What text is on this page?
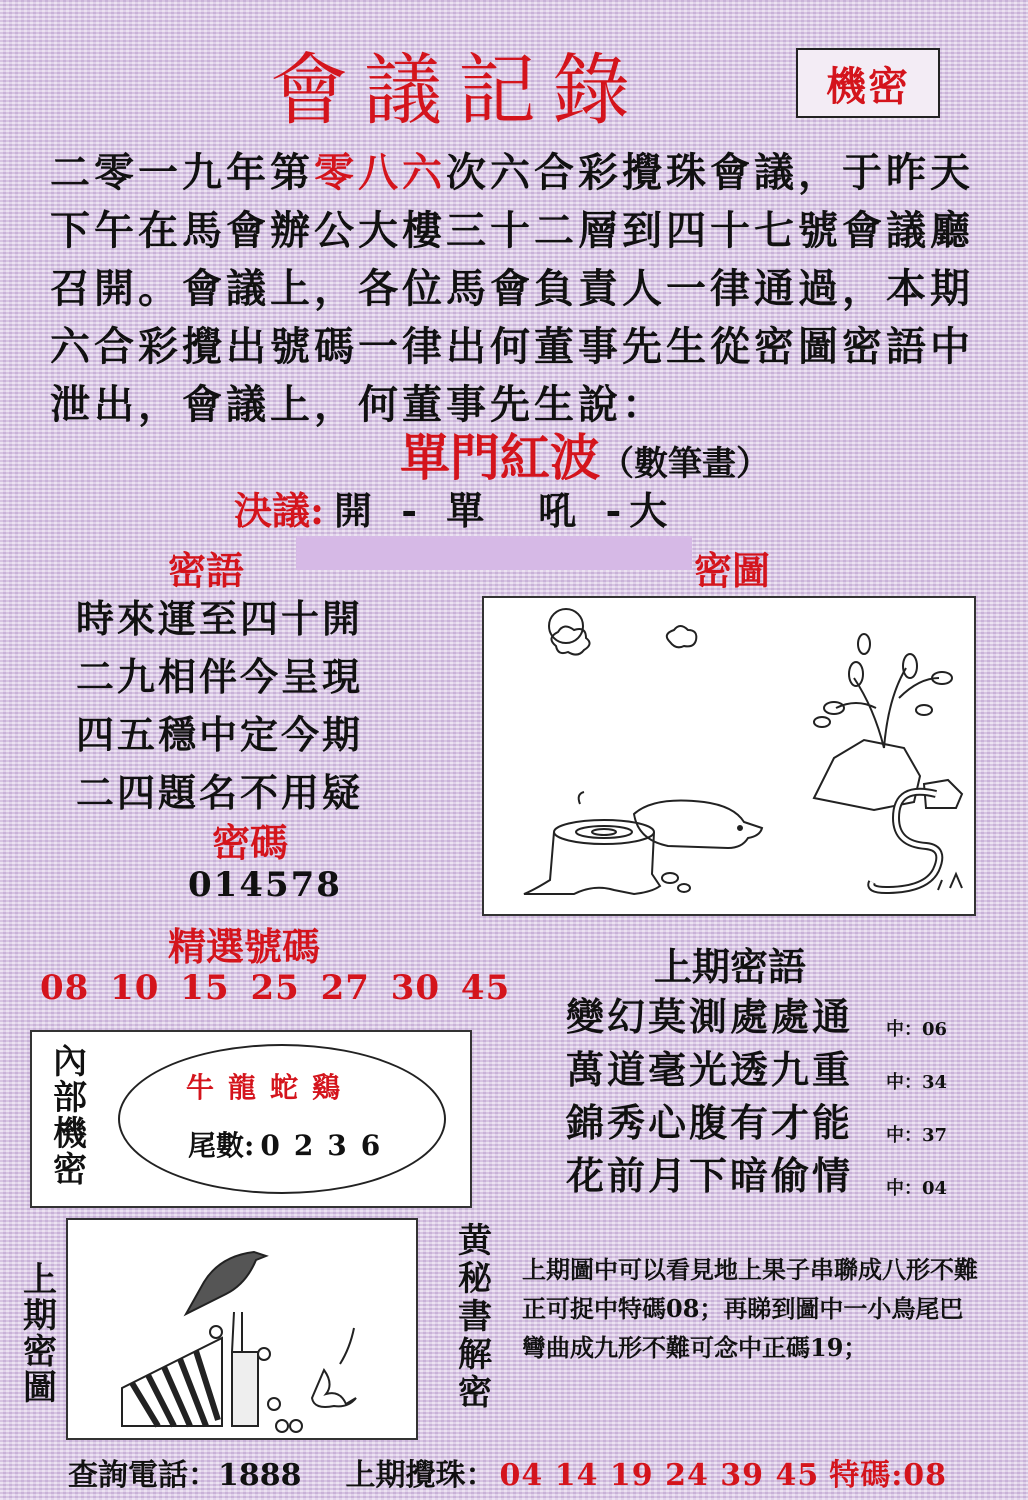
會議記錄	機密
二零一九年第零八六次六合彩攪珠會議，于昨天
下午在馬會辦公大樓三十二層到四十七號會議廳
召開。會議上，各位馬會負責人一律通過，本期
六合彩攪出號碼一律出何董事先生從密圖密語中
泄出，會議上，何董事先生說：
單門紅波（數筆畫）
決議: 開 - 單　吼 -大
密語
時來運至四十開
二九相伴今呈現
四五穩中定今期
二四題名不用疑
密圖
密碼
014578
精選號碼
08 10 15 25 27 30 45	上期密語
變幻莫測處處通
萬道毫光透九重
錦秀心腹有才能
花前月下暗偷情
中：06
中：34
中：37
中：04
內
部
機
密
牛龍蛇鷄
尾數: 0236
上
期
密
圖
黄
秘
書
解
密
上期圖中可以看見地上果子串聯成八形不難正可捉中特碼08；再睇到圖中一小鳥尾巴彎曲成九形不難可念中正碼19；
查詢電話：1888 上期攪珠： 04 14 19 24 39 45 特碼:08
